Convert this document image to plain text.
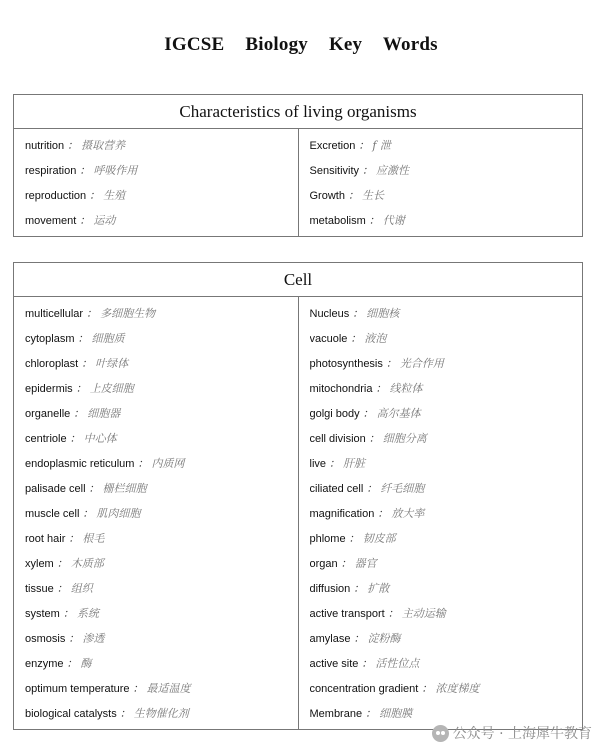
IGCSE Biology Key Words
Characteristics of living organisms

nutrition ： 摄取营养
respiration ： 呼吸作用
reproduction ： 生殖
movement ： 运动

Excretion ： f 泄
Sensitivity ： 应激性
Growth ： 生长
metabolism ： 代谢
Cell

multicellular ： 多细胞生物
cytoplasm ： 细胞质
chloroplast ： 叶绿体
epidermis ： 上皮细胞
organelle ： 细胞器
centriole ： 中心体
endoplasmic reticulum ： 内质网
palisade cell ： 栅栏细胞
muscle cell ： 肌肉细胞
root hair ： 根毛
xylem ： 木质部
tissue ： 组织
system ： 系统
osmosis ： 渗透
enzyme ： 酶
optimum temperature ： 最适温度
biological catalysts ： 生物催化剂

Nucleus ： 细胞核
vacuole ： 液泡
photosynthesis ： 光合作用
mitochondria ： 线粒体
golgi body ： 高尔基体
cell division ： 细胞分离
live ： 肝脏
ciliated cell ： 纤毛细胞
magnification ： 放大率
phlome ： 韧皮部
organ ： 器官
diffusion ： 扩散
active transport ： 主动运输
amylase ： 淀粉酶
active site ： 活性位点
concentration gradient ： 浓度梯度
Membrane ： 细胞膜
公众号 · 上海犀牛教育
